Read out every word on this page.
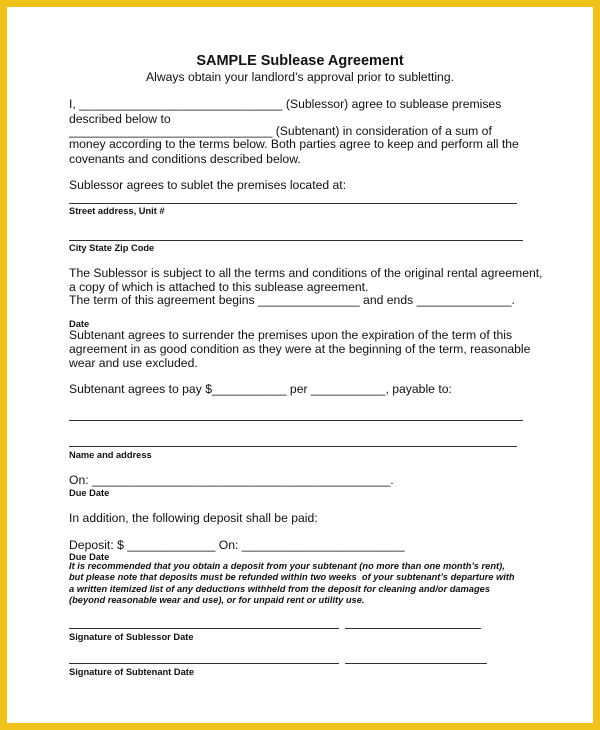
SAMPLE Sublease Agreement
Always obtain your landlord’s approval prior to subletting.
I, ______________________________ (Sublessor) agree to sublease premises
described below to
______________________________ (Subtenant) in consideration of a sum of
money according to the terms below. Both parties agree to keep and perform all the
covenants and conditions described below.
Sublessor agrees to sublet the premises located at:
Street address, Unit #
City State Zip Code
The Sublessor is subject to all the terms and conditions of the original rental agreement,
a copy of which is attached to this sublease agreement.
The term of this agreement begins _______________ and ends ______________.
Date
Subtenant agrees to surrender the premises upon the expiration of the term of this
agreement in as good condition as they were at the beginning of the term, reasonable
wear and use excluded.
Subtenant agrees to pay $___________ per ___________, payable to:
Name and address
On: ____________________________________________.
Due Date
In addition, the following deposit shall be paid:
Deposit: $ _____________ On: ________________________
Due Date
It is recommended that you obtain a deposit from your subtenant (no more than one month’s rent),
but please note that deposits must be refunded within two weeks  of your subtenant’s departure with
a written itemized list of any deductions withheld from the deposit for cleaning and/or damages
(beyond reasonable wear and use), or for unpaid rent or utility use.
Signature of Sublessor Date
Signature of Subtenant Date
